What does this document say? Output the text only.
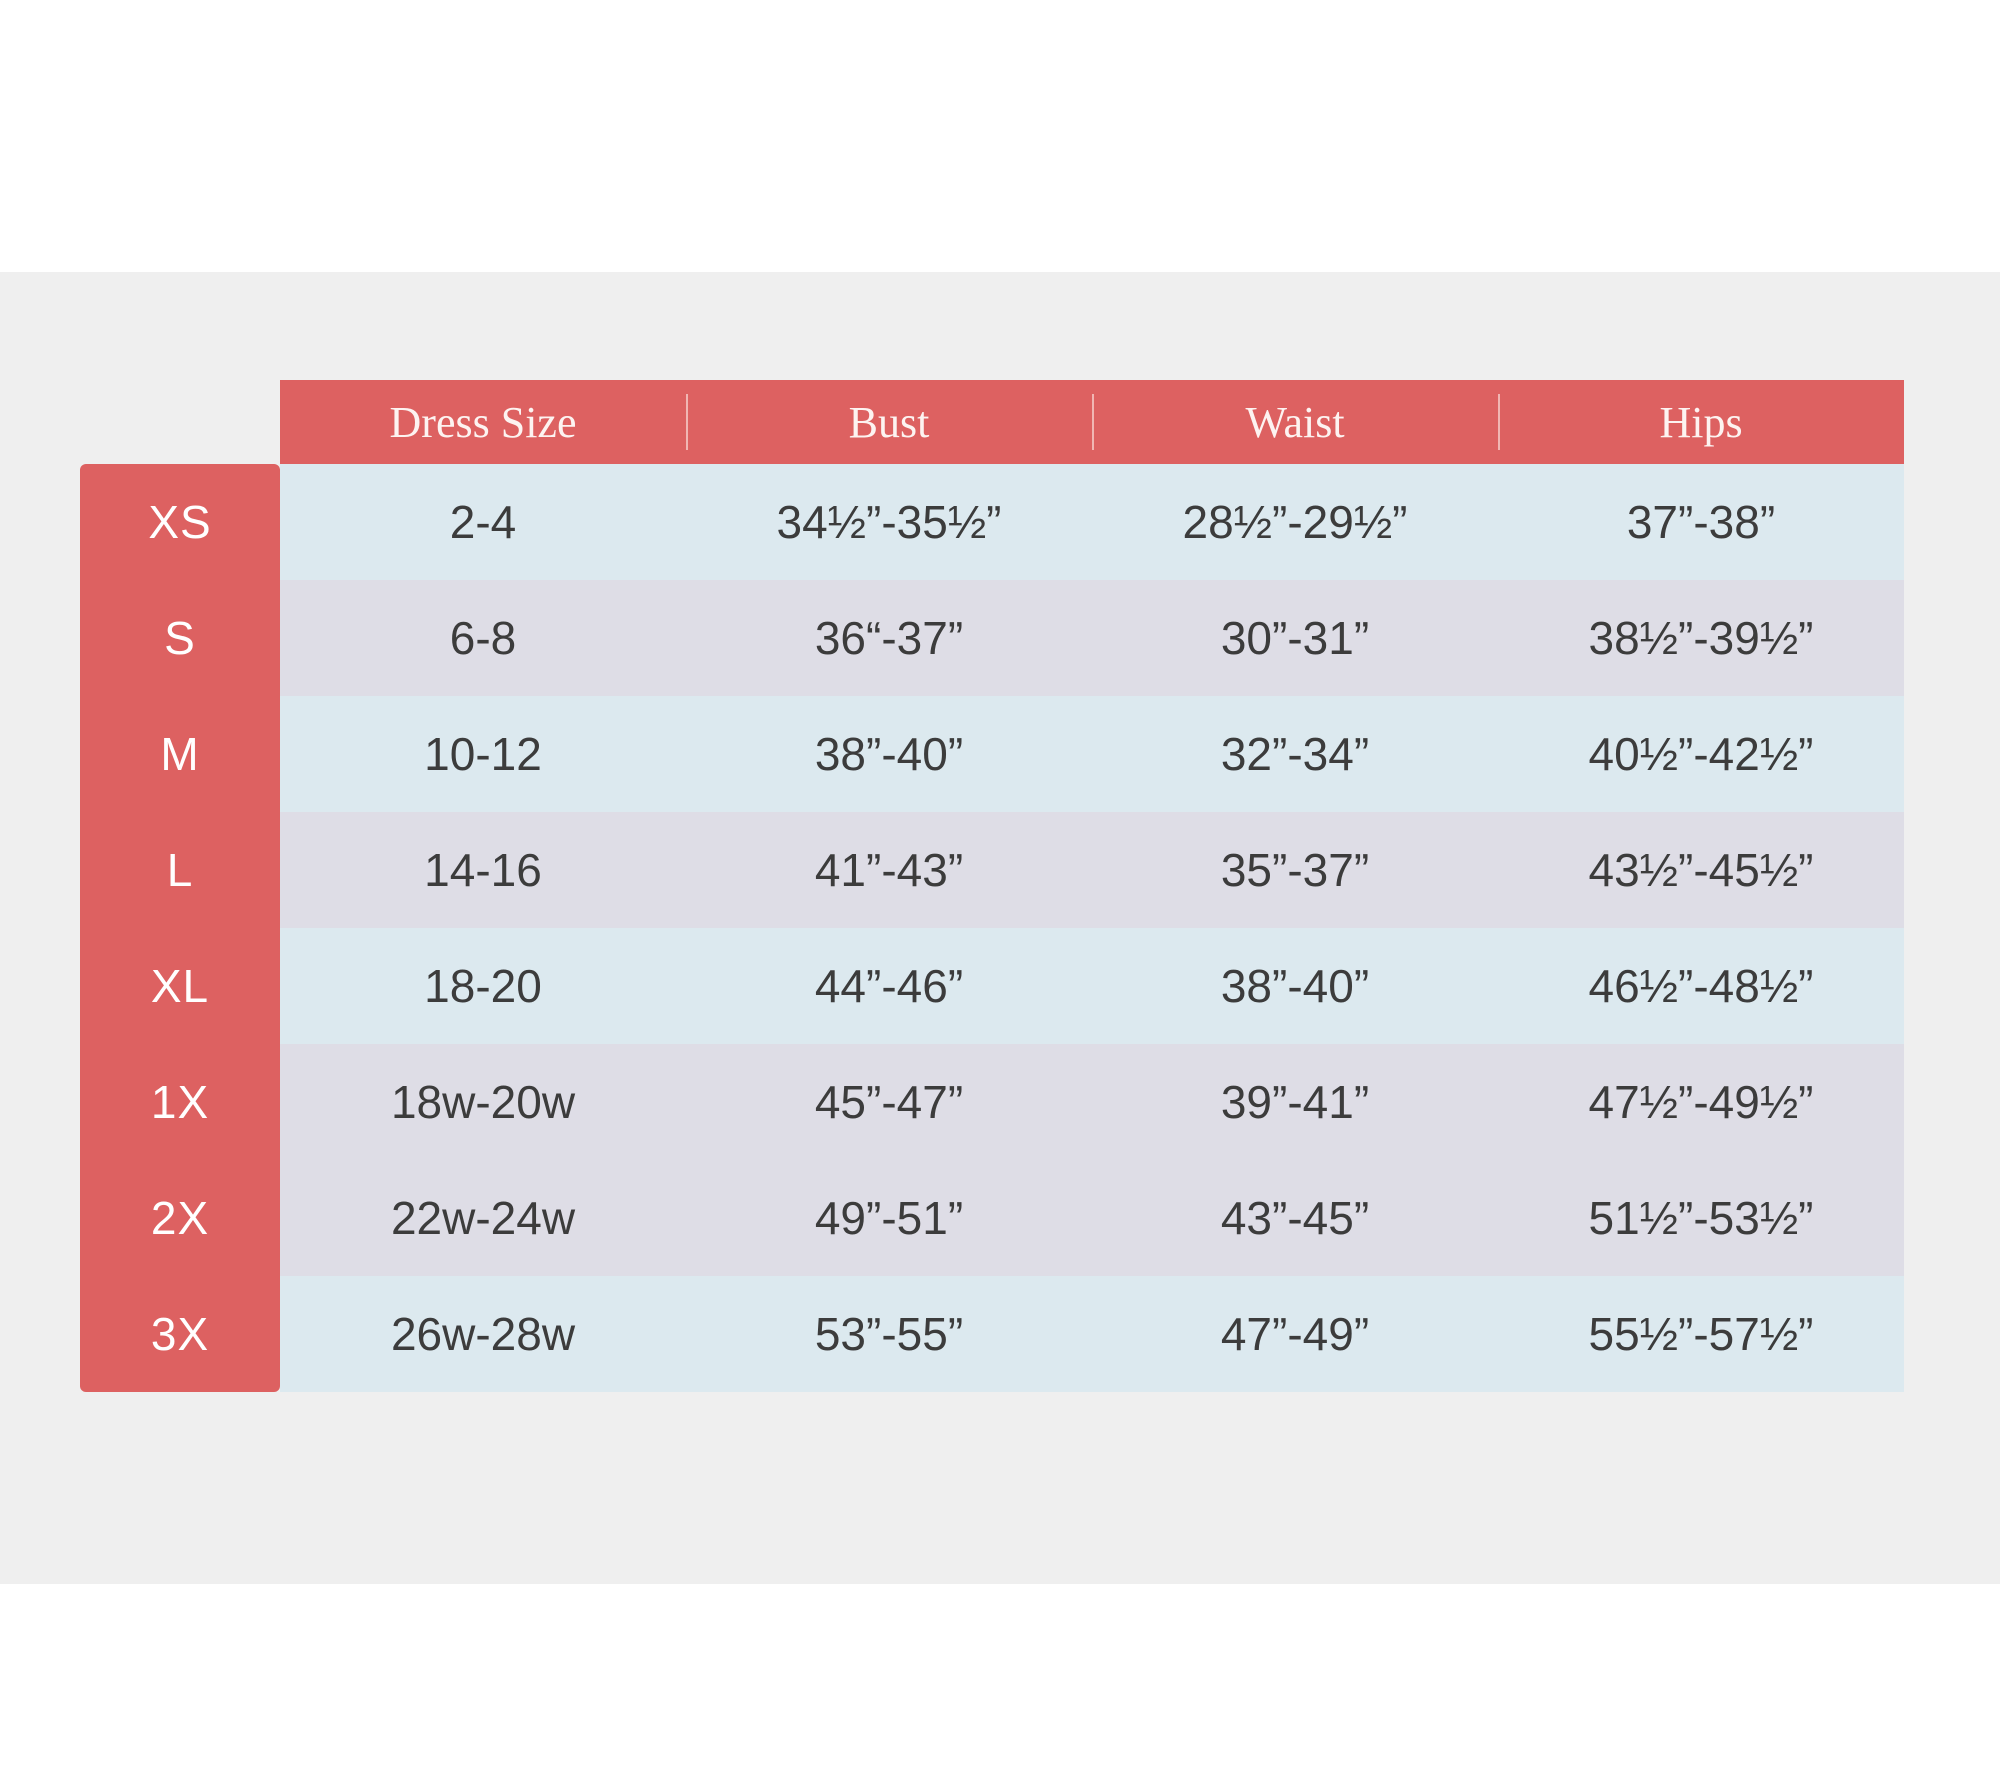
	Dress Size	Bust	Waist	Hips
XS	2-4	34½”-35½”	28½”-29½”	37”-38”
S	6-8	36“-37”	30”-31”	38½”-39½”
M	10-12	38”-40”	32”-34”	40½”-42½”
L	14-16	41”-43”	35”-37”	43½”-45½”
XL	18-20	44”-46”	38”-40”	46½”-48½”
1X	18w-20w	45”-47”	39”-41”	47½”-49½”
2X	22w-24w	49”-51”	43”-45”	51½”-53½”
3X	26w-28w	53”-55”	47”-49”	55½”-57½”
